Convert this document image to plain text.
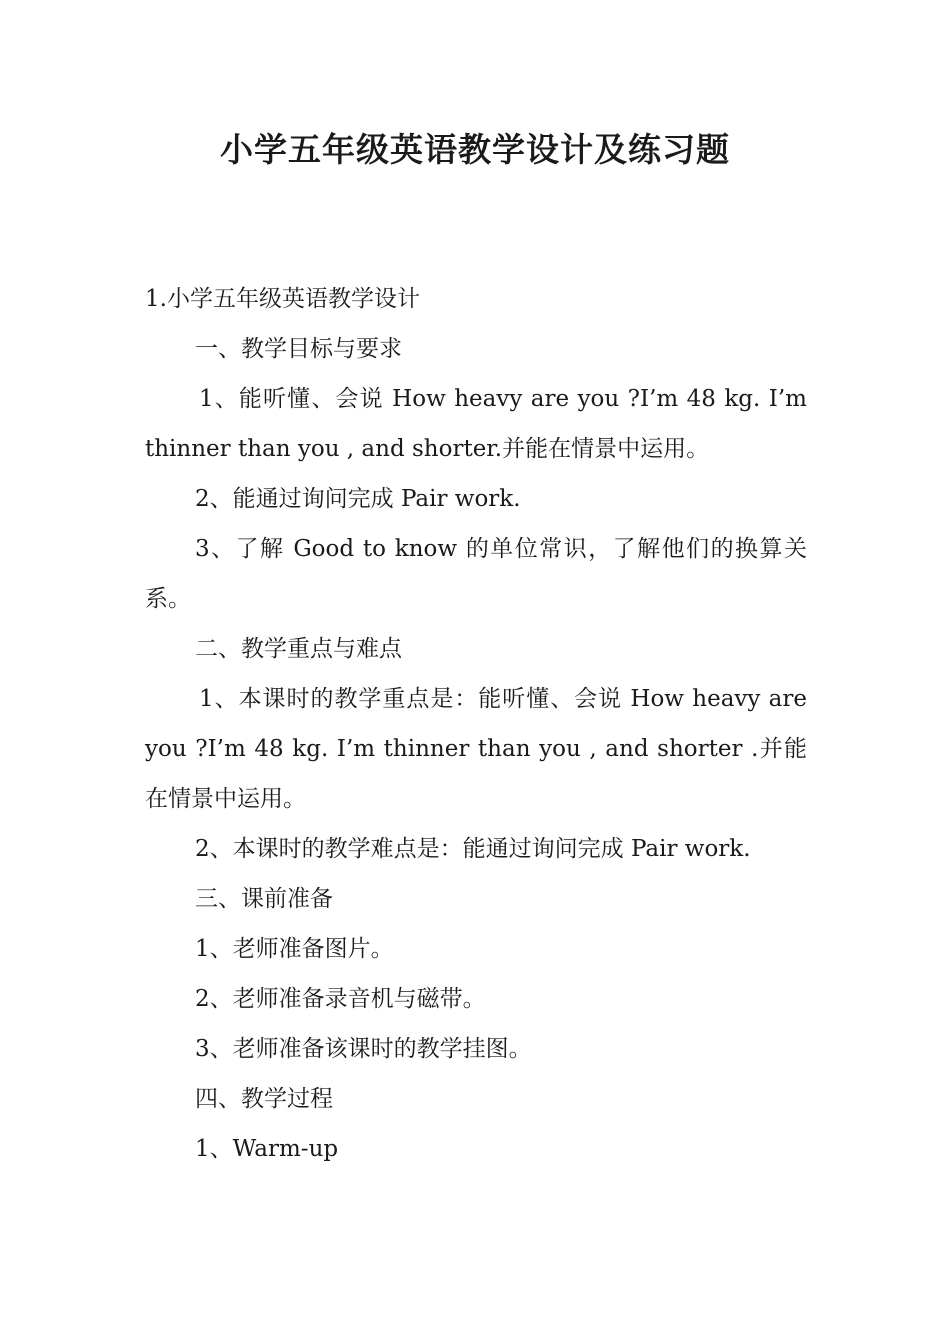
小学五年级英语教学设计及练习题

1.小学五年级英语教学设计

一、教学目标与要求

1、能听懂、会说 How heavy are you ?I’m 48 kg. I’m thinner than you , and shorter.并能在情景中运用。

2、能通过询问完成 Pair work.

3、了解 Good to know 的单位常识，了解他们的换算关系。

二、教学重点与难点

1、本课时的教学重点是：能听懂、会说 How heavy are you ?I’m 48 kg. I’m thinner than you , and shorter .并能在情景中运用。

2、本课时的教学难点是：能通过询问完成 Pair work.

三、课前准备

1、老师准备图片。

2、老师准备录音机与磁带。

3、老师准备该课时的教学挂图。

四、教学过程

1、Warm-up
